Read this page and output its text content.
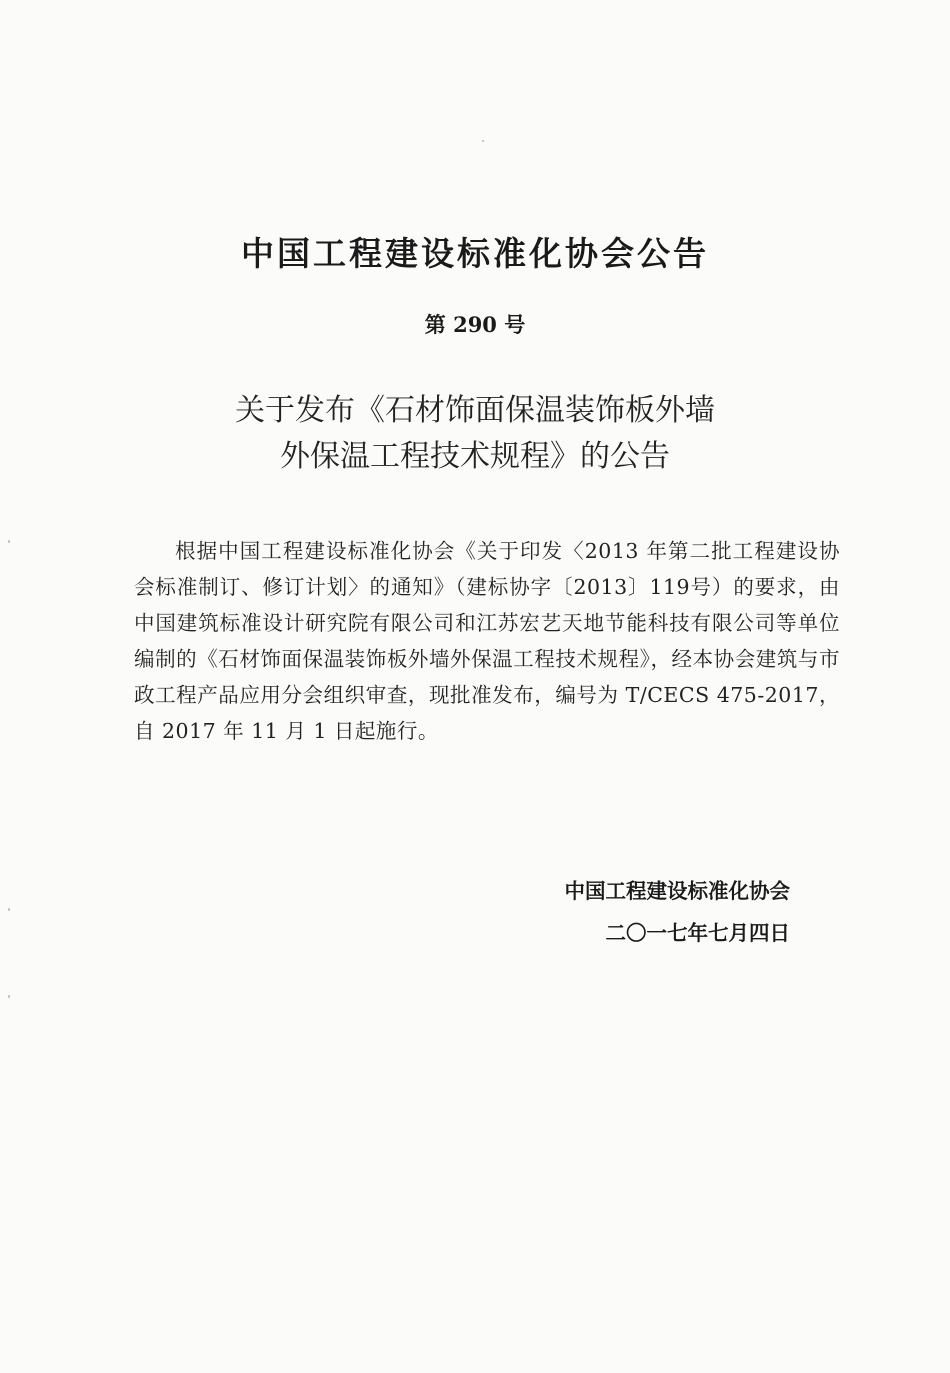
中国工程建设标准化协会公告
第 290 号
关于发布《石材饰面保温装饰板外墙
外保温工程技术规程》的公告
根据中国工程建设标准化协会《关于印发〈2013 年第二批工程建设协会标准制订、修订计划〉的通知》（建标协字〔2013〕119号）的要求，由中国建筑标准设计研究院有限公司和江苏宏艺天地节能科技有限公司等单位编制的《石材饰面保温装饰板外墙外保温工程技术规程》，经本协会建筑与市政工程产品应用分会组织审查，现批准发布，编号为 T/CECS 475-2017，自 2017 年 11 月 1 日起施行。
中国工程建设标准化协会
二〇一七年七月四日
